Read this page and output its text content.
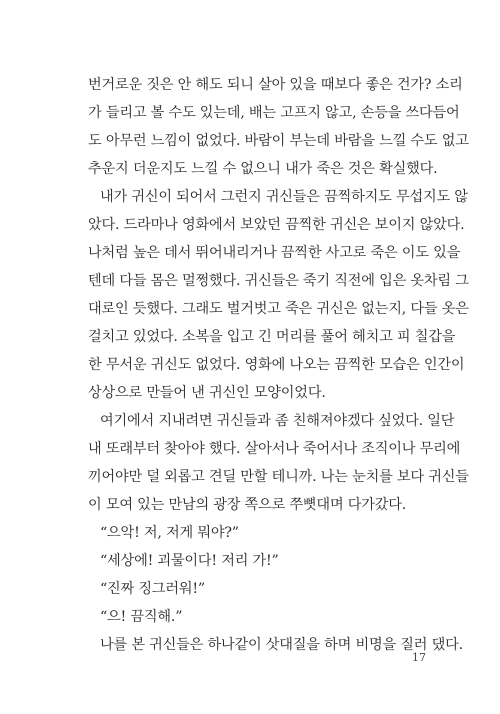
번거로운 짓은 안 해도 되니 살아 있을 때보다 좋은 건가? 소리
가 들리고 볼 수도 있는데, 배는 고프지 않고, 손등을 쓰다듬어
도 아무런 느낌이 없었다. 바람이 부는데 바람을 느낄 수도 없고
추운지 더운지도 느낄 수 없으니 내가 죽은 것은 확실했다.
내가 귀신이 되어서 그런지 귀신들은 끔찍하지도 무섭지도 않
았다. 드라마나 영화에서 보았던 끔찍한 귀신은 보이지 않았다.
나처럼 높은 데서 뛰어내리거나 끔찍한 사고로 죽은 이도 있을
텐데 다들 몸은 멀쩡했다. 귀신들은 죽기 직전에 입은 옷차림 그
대로인 듯했다. 그래도 벌거벗고 죽은 귀신은 없는지, 다들 옷은
걸치고 있었다. 소복을 입고 긴 머리를 풀어 헤치고 피 칠갑을
한 무서운 귀신도 없었다. 영화에 나오는 끔찍한 모습은 인간이
상상으로 만들어 낸 귀신인 모양이었다.
여기에서 지내려면 귀신들과 좀 친해져야겠다 싶었다. 일단
내 또래부터 찾아야 했다. 살아서나 죽어서나 조직이나 무리에
끼어야만 덜 외롭고 견딜 만할 테니까. 나는 눈치를 보다 귀신들
이 모여 있는 만남의 광장 쪽으로 쭈뼛대며 다가갔다.
“으악! 저, 저게 뭐야?”
“세상에! 괴물이다! 저리 가!”
“진짜 징그러워!”
“으! 끔직해.”
나를 본 귀신들은 하나같이 삿대질을 하며 비명을 질러 댔다.
17
